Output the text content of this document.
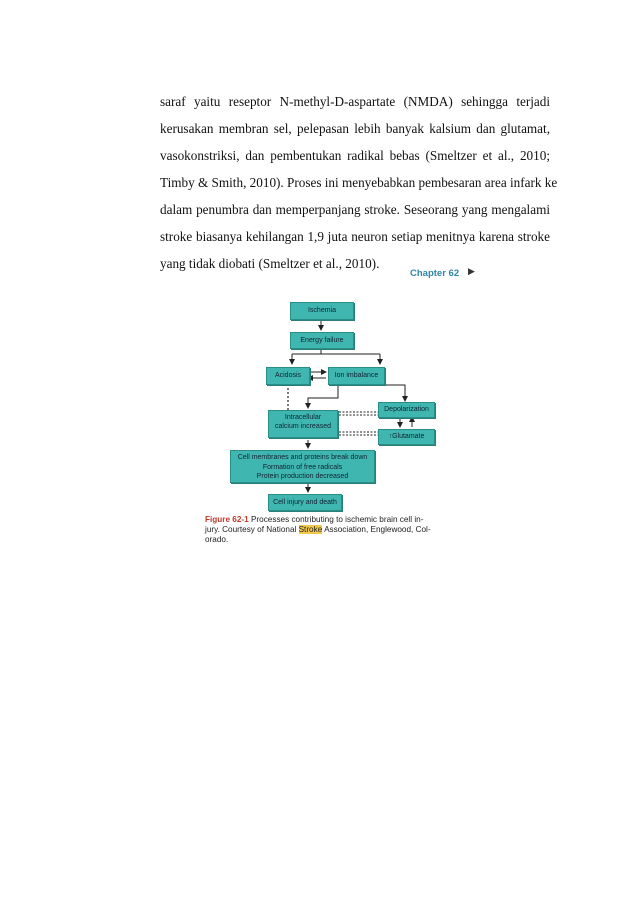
saraf yaitu reseptor N-methyl-D-aspartate (NMDA) sehingga terjadi
kerusakan membran sel, pelepasan lebih banyak kalsium dan glutamat,
vasokonstriksi, dan pembentukan radikal bebas (Smeltzer et al., 2010;
Timby & Smith, 2010). Proses ini menyebabkan pembesaran area infark ke
dalam penumbra dan memperpanjang stroke. Seseorang yang mengalami
stroke biasanya kehilangan 1,9 juta neuron setiap menitnya karena stroke
yang tidak diobati (Smeltzer et al., 2010).
Chapter 62 ▶
Ischemia
Energy failure
Acidosis	Ion imbalance
Depolarization
Intracellular
calcium increased
↑Glutamate
Cell membranes and proteins break down
Formation of free radicals
Protein production decreased
Cell injury and death
Figure 62-1 Processes contributing to ischemic brain cell in-
jury. Courtesy of National Stroke Association, Englewood, Col-
orado.
